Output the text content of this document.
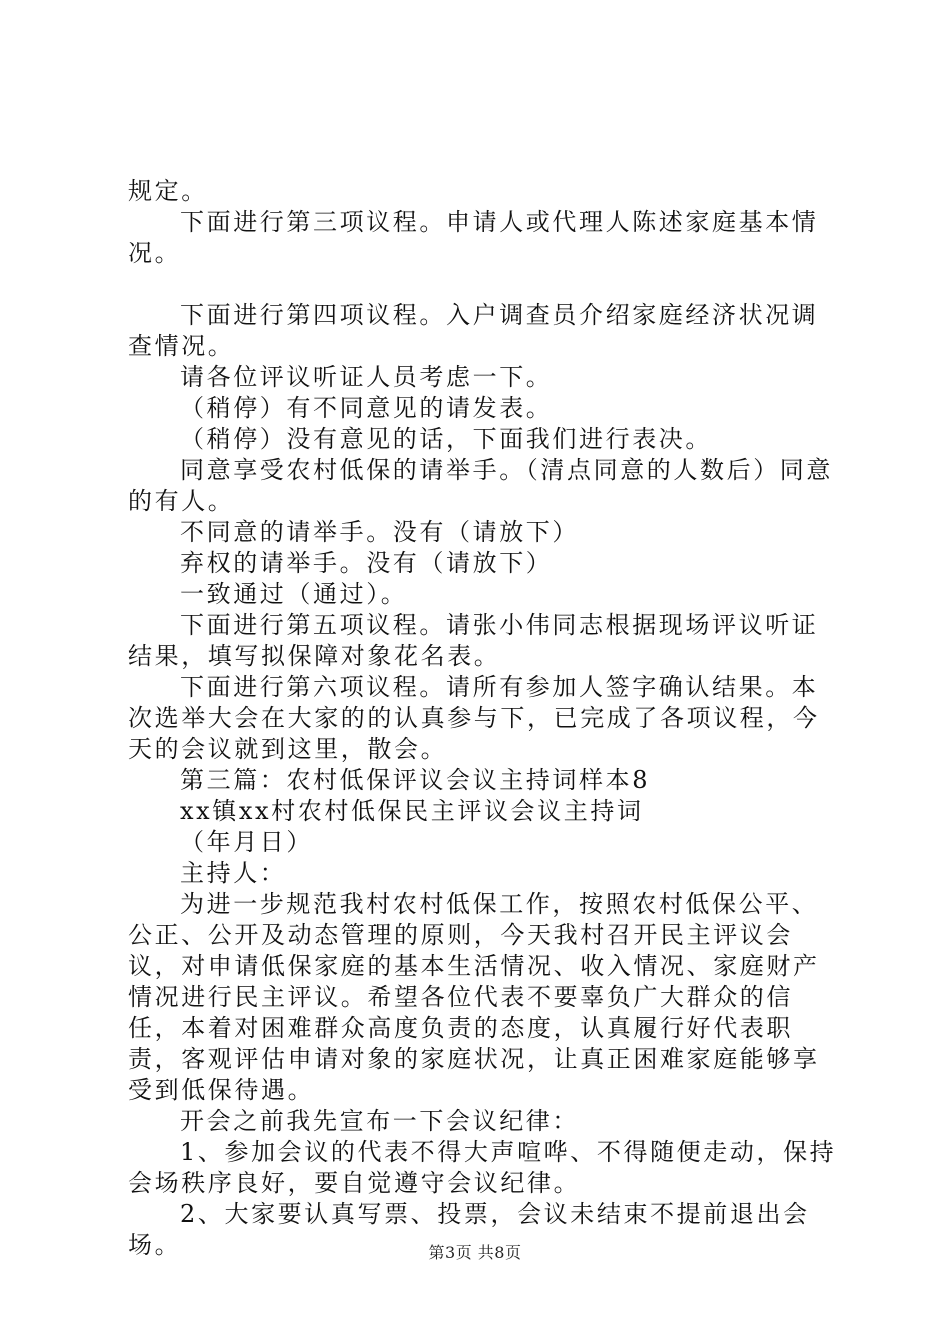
规定。

下面进行第三项议程。申请人或代理人陈述家庭基本情况。

下面进行第四项议程。入户调查员介绍家庭经济状况调查情况。

请各位评议听证人员考虑一下。

（稍停）有不同意见的请发表。

（稍停）没有意见的话，下面我们进行表决。

同意享受农村低保的请举手。（清点同意的人数后）同意的有人。

不同意的请举手。没有（请放下）

弃权的请举手。没有（请放下）

一致通过（通过）。

下面进行第五项议程。请张小伟同志根据现场评议听证结果，填写拟保障对象花名表。

下面进行第六项议程。请所有参加人签字确认结果。本次选举大会在大家的的认真参与下，已完成了各项议程，今天的会议就到这里，散会。

第三篇：农村低保评议会议主持词样本8

xx镇xx村农村低保民主评议会议主持词

（年月日）

主持人：

为进一步规范我村农村低保工作，按照农村低保公平、公正、公开及动态管理的原则，今天我村召开民主评议会议，对申请低保家庭的基本生活情况、收入情况、家庭财产情况进行民主评议。希望各位代表不要辜负广大群众的信任，本着对困难群众高度负责的态度，认真履行好代表职责，客观评估申请对象的家庭状况，让真正困难家庭能够享受到低保待遇。

开会之前我先宣布一下会议纪律：

1、参加会议的代表不得大声喧哗、不得随便走动，保持会场秩序良好，要自觉遵守会议纪律。

2、大家要认真写票、投票，会议未结束不提前退出会场。	第3页 共8页
